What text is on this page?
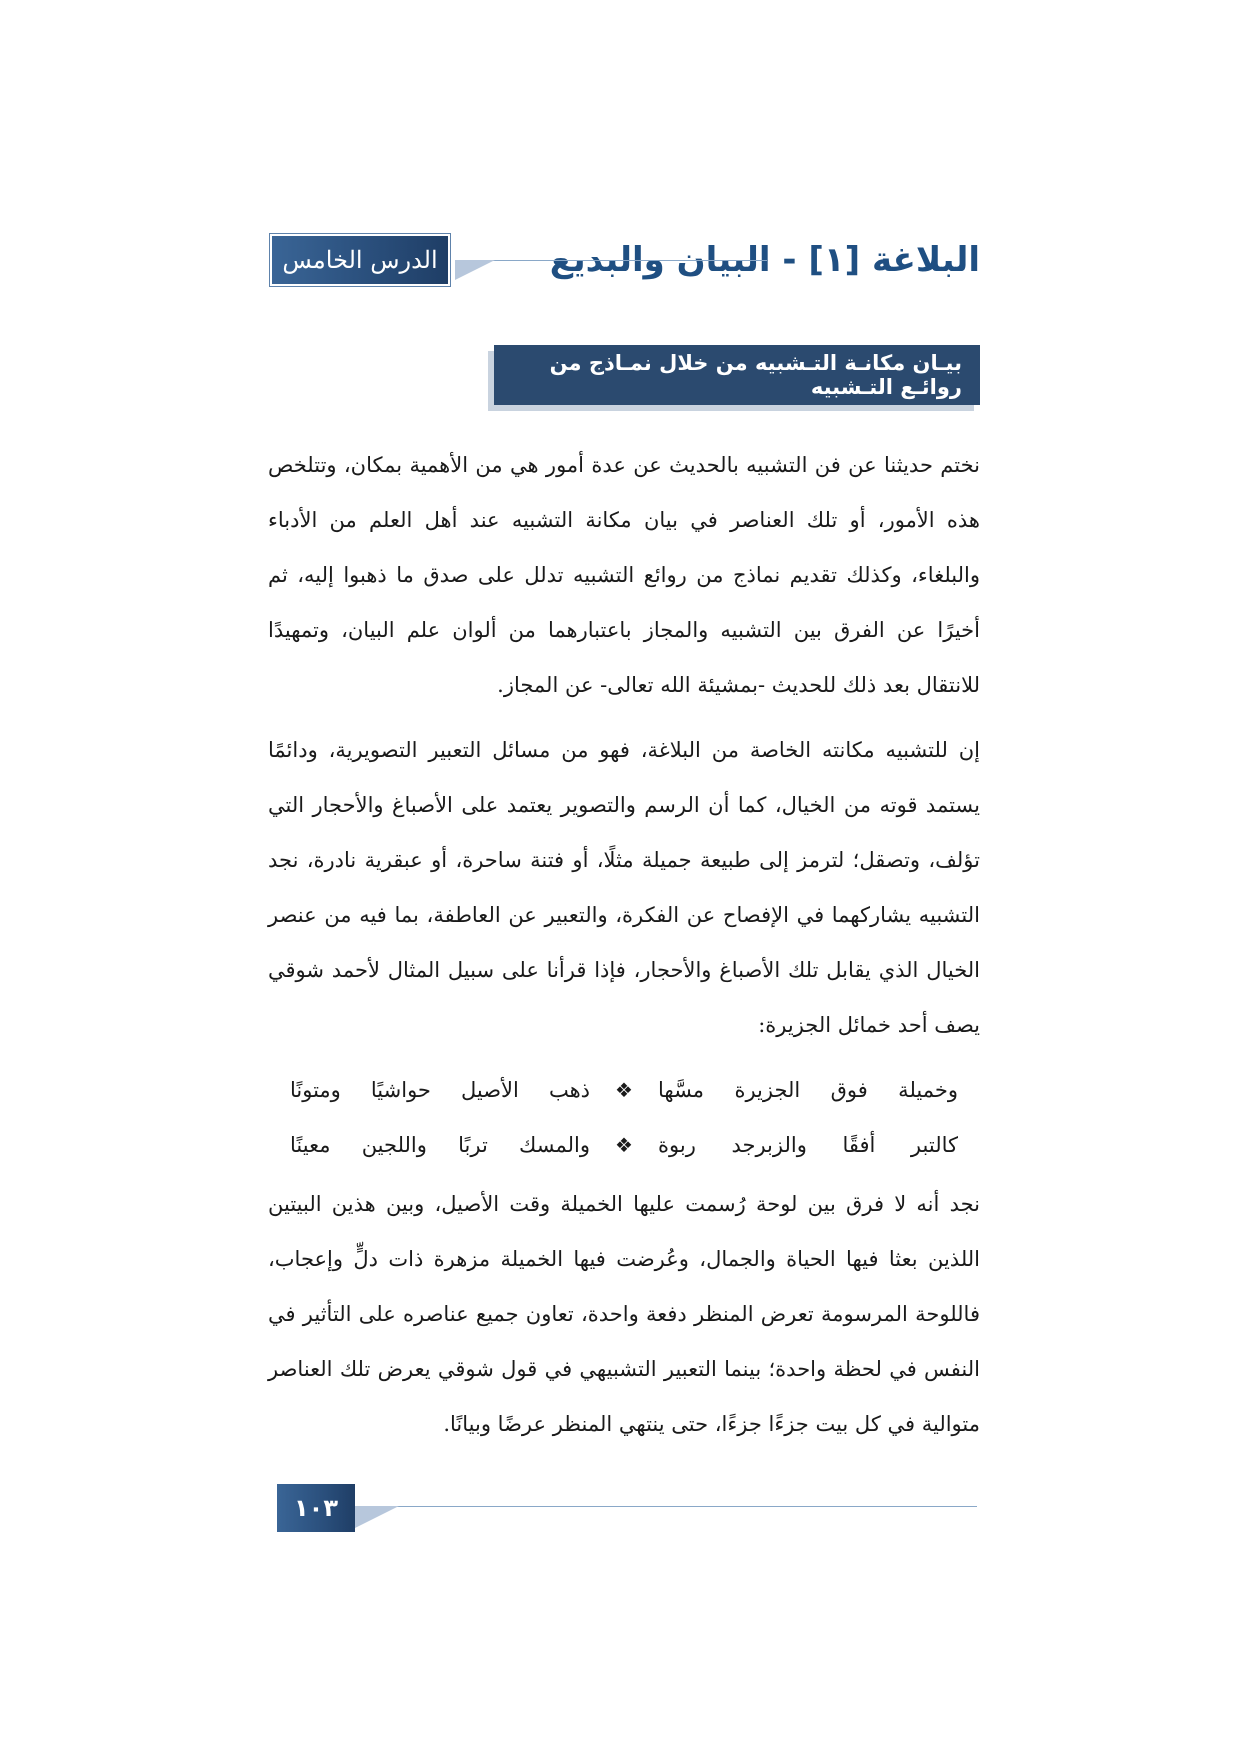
البلاغة [١] - البيان والبديع
الدرس الخامس
بيـان مكانـة التـشبيه من خلال نمـاذج من روائـع التـشبيه

نختم حديثنا عن فن التشبيه بالحديث عن عدة أمور هي من الأهمية بمكان، وتتلخص هذه الأمور، أو تلك العناصر في بيان مكانة التشبيه عند أهل العلم من الأدباء والبلغاء، وكذلك تقديم نماذج من روائع التشبيه تدلل على صدق ما ذهبوا إليه، ثم أخيرًا عن الفرق بين التشبيه والمجاز باعتبارهما من ألوان علم البيان، وتمهيدًا للانتقال بعد ذلك للحديث -بمشيئة الله تعالى- عن المجاز.

إن للتشبيه مكانته الخاصة من البلاغة، فهو من مسائل التعبير التصويرية، ودائمًا يستمد قوته من الخيال، كما أن الرسم والتصوير يعتمد على الأصباغ والأحجار التي تؤلف، وتصقل؛ لترمز إلى طبيعة جميلة مثلًا، أو فتنة ساحرة، أو عبقرية نادرة، نجد التشبيه يشاركهما في الإفصاح عن الفكرة، والتعبير عن العاطفة، بما فيه من عنصر الخيال الذي يقابل تلك الأصباغ والأحجار، فإذا قرأنا على سبيل المثال لأحمد شوقي يصف أحد خمائل الجزيرة:

وخميلة فوق الجزيرة مسَّها
❖
ذهب الأصيل حواشيًا ومتونًا
كالتبر أفقًا والزبرجد ربوة
❖
والمسك تربًا واللجين معينًا

نجد أنه لا فرق بين لوحة رُسمت عليها الخميلة وقت الأصيل، وبين هذين البيتين اللذين بعثا فيها الحياة والجمال، وعُرضت فيها الخميلة مزهرة ذات دلٍّ وإعجاب، فاللوحة المرسومة تعرض المنظر دفعة واحدة، تعاون جميع عناصره على التأثير في النفس في لحظة واحدة؛ بينما التعبير التشبيهي في قول شوقي يعرض تلك العناصر متوالية في كل بيت جزءًا جزءًا، حتى ينتهي المنظر عرضًا وبيانًا.

١٠٣
